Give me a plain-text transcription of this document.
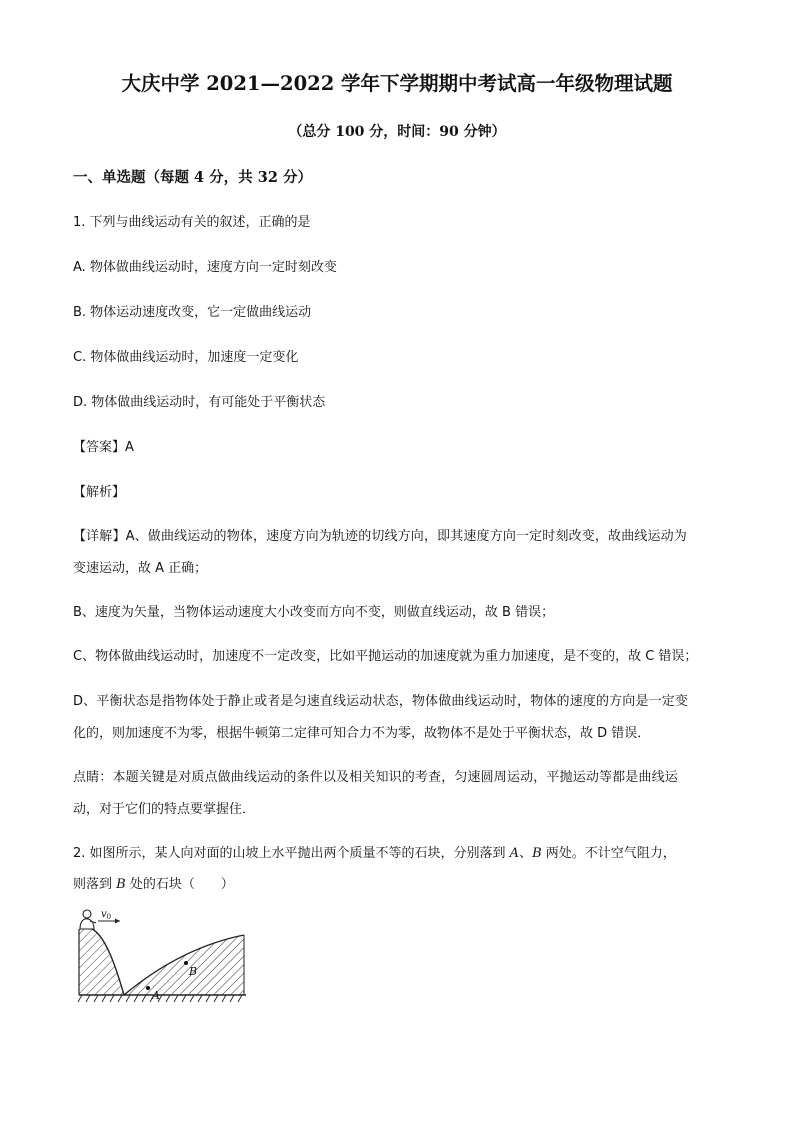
大庆中学 2021—2022 学年下学期期中考试高一年级物理试题
（总分 100 分，时间：90 分钟）
一、单选题（每题 4 分，共 32 分）
1. 下列与曲线运动有关的叙述，正确的是
A. 物体做曲线运动时，速度方向一定时刻改变
B. 物体运动速度改变，它一定做曲线运动
C. 物体做曲线运动时，加速度一定变化
D. 物体做曲线运动时，有可能处于平衡状态
【答案】A
【解析】
【详解】A、做曲线运动的物体，速度方向为轨迹的切线方向，即其速度方向一定时刻改变，故曲线运动为
变速运动，故 A 正确；
B、速度为矢量，当物体运动速度大小改变而方向不变，则做直线运动，故 B 错误；
C、物体做曲线运动时，加速度不一定改变，比如平抛运动的加速度就为重力加速度，是不变的，故 C 错误；
D、平衡状态是指物体处于静止或者是匀速直线运动状态，物体做曲线运动时，物体的速度的方向是一定变
化的，则加速度不为零，根据牛顿第二定律可知合力不为零，故物体不是处于平衡状态，故 D 错误．
点睛：本题关键是对质点做曲线运动的条件以及相关知识的考查，匀速圆周运动，平抛运动等都是曲线运
动，对于它们的特点要掌握住．
2. 如图所示，某人向对面的山坡上水平抛出两个质量不等的石块，分别落到 A、B 两处。不计空气阻力，
则落到 B 处的石块（　　）
$v_0$
A
B
